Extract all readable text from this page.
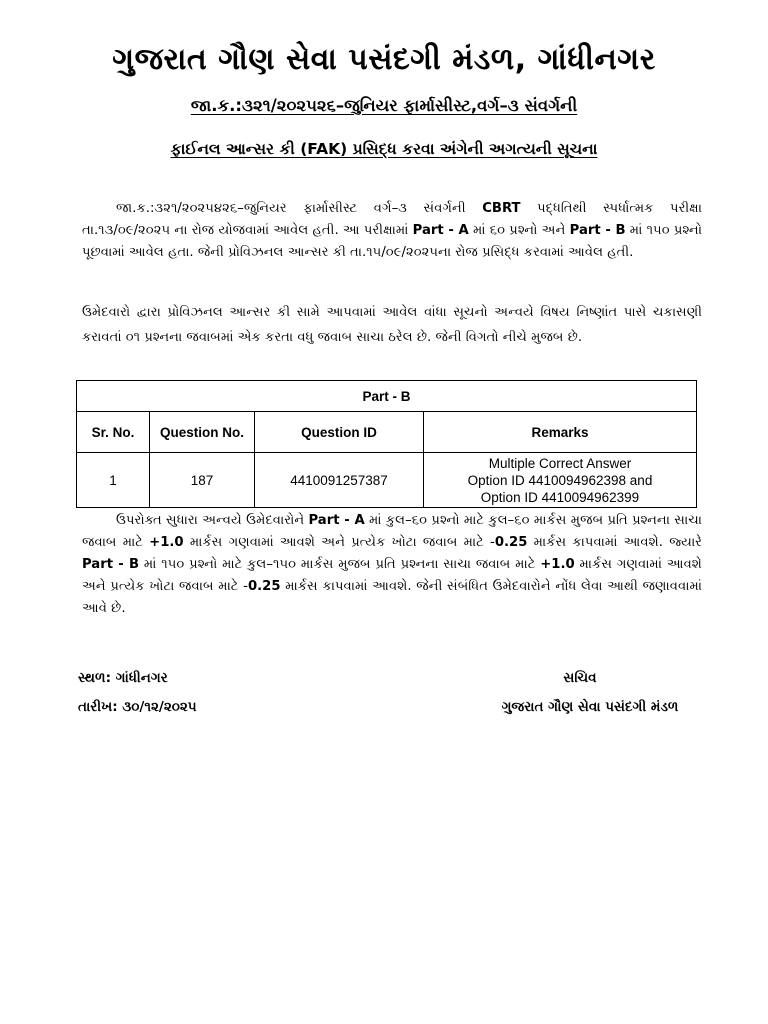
ગુજરાત ગૌણ સેવા પસંદગી મંડળ, ગાંધીનગર
જા.ક.:૩૨૧/૨૦૨૫૨૬–જુનિયર ફાર્માસીસ્ટ,વર્ગ–૩ સંવર્ગની
ફાઈનલ આન્સર કી (FAK) પ્રસિદ્ધ કરવા અંગેની અગત્યની સૂચના
જા.ક.:૩૨૧/૨૦૨૫૪૨૬–જુનિયર ફાર્માસીસ્ટ વર્ગ–૩ સંવર્ગની CBRT પદ્ધતિથી સ્પર્ધાત્મક પરીક્ષા તા.૧૩/૦૯/૨૦૨૫ ના રોજ યોજવામાં આવેલ હતી. આ પરીક્ષામાં Part - A માં ૬૦ પ્રશ્નો અને Part - B માં ૧૫૦ પ્રશ્નો પૂછવામાં આવેલ હતા. જેની પ્રોવિઝનલ આન્સર કી તા.૧૫/૦૯/૨૦૨૫ના રોજ પ્રસિદ્ધ કરવામાં આવેલ હતી.
ઉમેદવારો દ્વારા પ્રોવિઝનલ આન્સર કી સામે આપવામાં આવેલ વાંધા સૂચનો અન્વયે વિષય નિષ્ણાંત પાસે ચકાસણી કરાવતાં ૦૧ પ્રશ્નના જવાબમાં એક કરતા વધુ જવાબ સાચા ઠરેલ છે. જેની વિગતો નીચે મુજબ છે.
Part - B			
Sr. No.	Question No.	Question ID	Remarks
1	187	4410091257387	Multiple Correct Answer
Option ID 4410094962398 and
Option ID 4410094962399
ઉપરોક્ત સુધારા અન્વયે ઉમેદવારોને Part - A માં કુલ–૬૦ પ્રશ્નો માટે કુલ–૬૦ માર્કસ મુજબ પ્રતિ પ્રશ્નના સાચા જવાબ માટે +1.0 માર્કસ ગણવામાં આવશે અને પ્રત્યેક ખોટા જવાબ માટે -0.25 માર્કસ કાપવામાં આવશે. જ્યારે Part - B માં ૧૫૦ પ્રશ્નો માટે કુલ–૧૫૦ માર્કસ મુજબ પ્રતિ પ્રશ્નના સાચા જવાબ માટે +1.0 માર્કસ ગણવામાં આવશે અને પ્રત્યેક ખોટા જવાબ માટે -0.25 માર્કસ કાપવામાં આવશે. જેની સંબંધિત ઉમેદવારોને નોંધ લેવા આથી જણાવવામાં આવે છે.
સ્થળ: ગાંધીનગર
તારીખ: ૩૦/૧૨/૨૦૨૫
સચિવ
ગુજરાત ગૌણ સેવા પસંદગી મંડળ
